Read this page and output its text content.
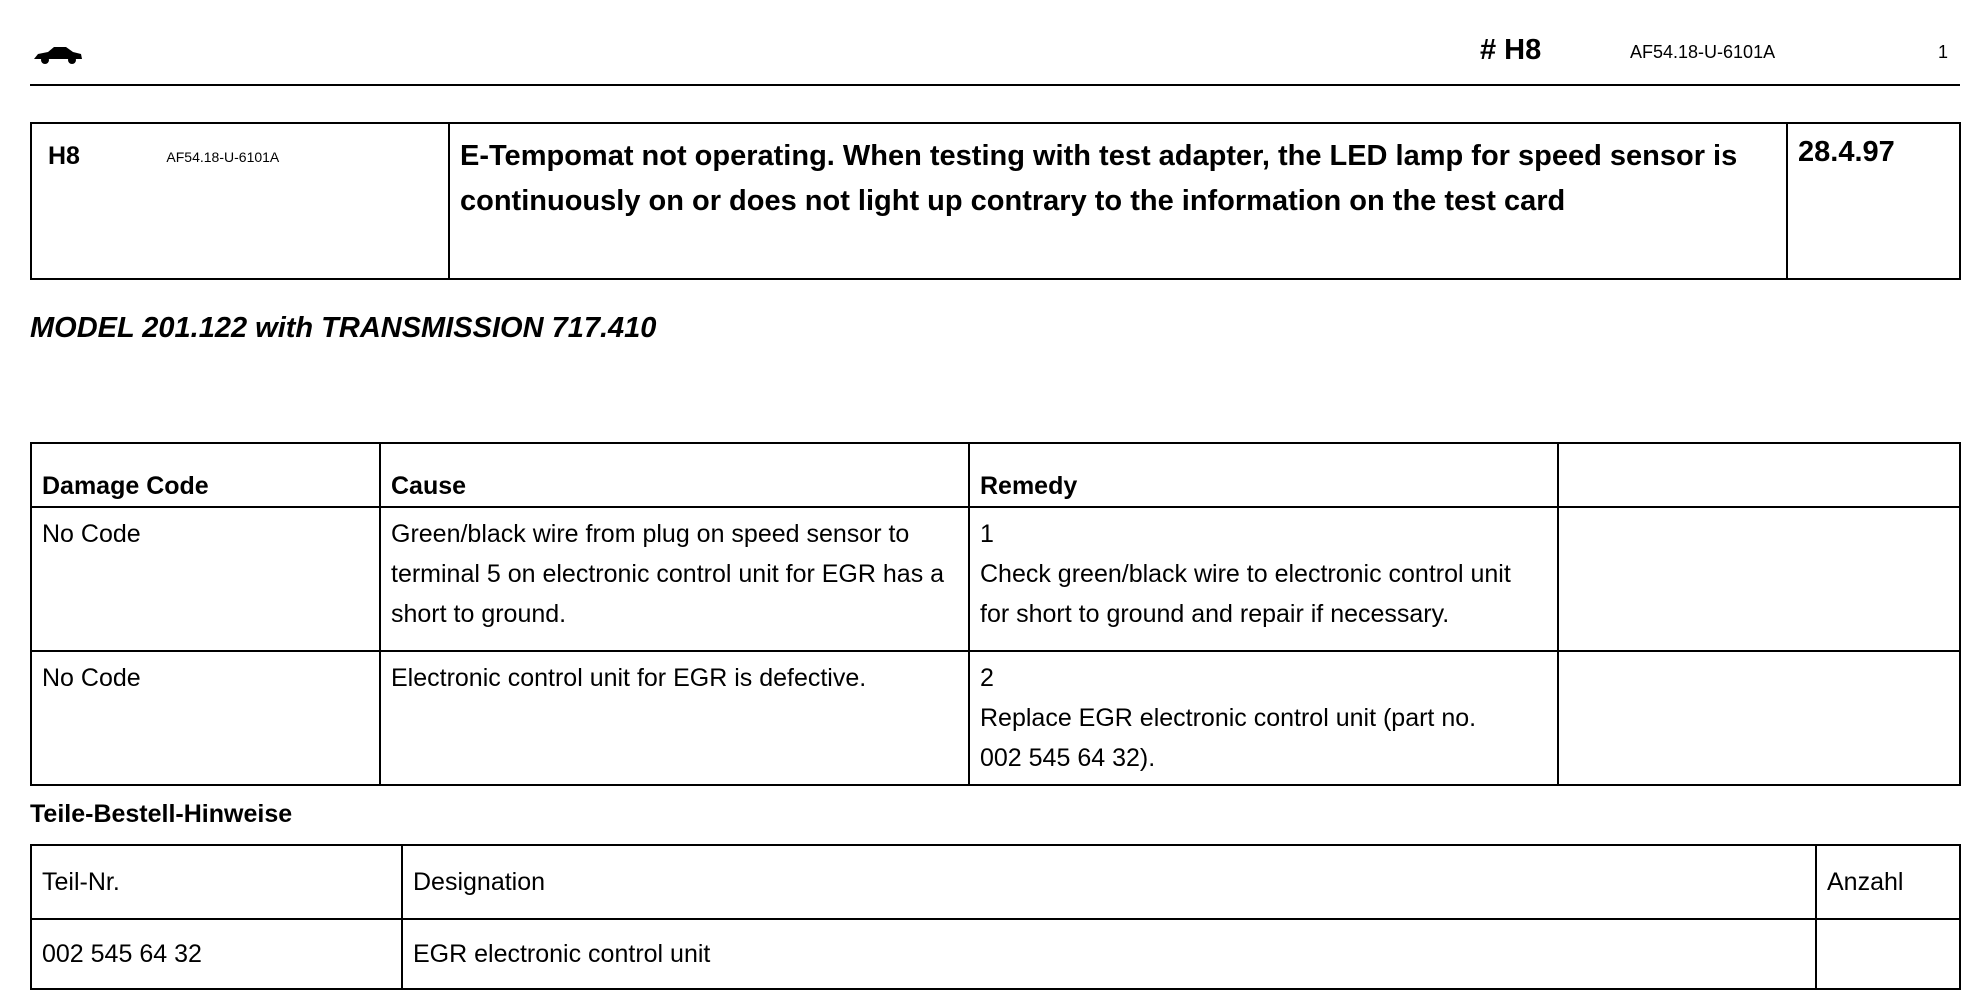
# H8	AF54.18-U-6101A	1
H8	AF54.18-U-6101A	E-Tempomat not operating. When testing with test adapter, the LED lamp for speed sensor is continuously on or does not light up contrary to the information on the test card

28.4.97
MODEL 201.122 with TRANSMISSION 717.410
Damage Code	Cause	Remedy	
No Code	Green/black wire from plug on speed sensor to terminal 5 on electronic control unit for EGR has a short to ground.	1Check green/black wire to electronic control unit for short to ground and repair if necessary.	
No Code	Electronic control unit for EGR is defective.	2Replace EGR electronic control unit (part no. 002 545 64 32).	
Teile-Bestell-Hinweise
Teil-Nr.	Designation	Anzahl
002 545 64 32	EGR electronic control unit	
